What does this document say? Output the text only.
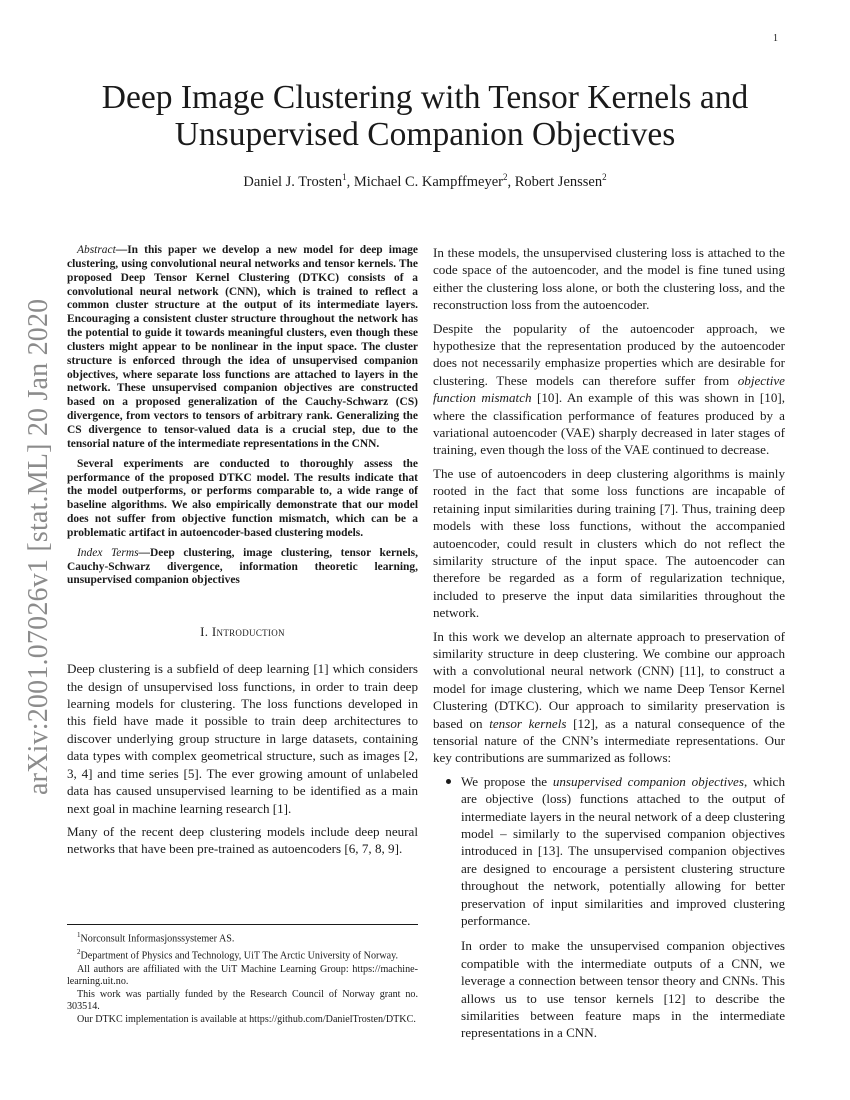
1
arXiv:2001.07026v1 [stat.ML] 20 Jan 2020
Deep Image Clustering with Tensor Kernels and
Unsupervised Companion Objectives
Daniel J. Trosten$^1$, Michael C. Kampffmeyer$^2$, Robert Jenssen$^2$

Abstract—In this paper we develop a new model for deep image clustering, using convolutional neural networks and tensor kernels. The proposed Deep Tensor Kernel Clustering (DTKC) consists of a convolutional neural network (CNN), which is trained to reflect a common cluster structure at the output of its intermediate layers. Encouraging a consistent cluster structure throughout the network has the potential to guide it towards meaningful clusters, even though these clusters might appear to be nonlinear in the input space. The cluster structure is enforced through the idea of unsupervised companion objectives, where separate loss functions are attached to layers in the network. These unsupervised companion objectives are constructed based on a proposed generalization of the Cauchy-Schwarz (CS) divergence, from vectors to tensors of arbitrary rank. Generalizing the CS divergence to tensor-valued data is a crucial step, due to the tensorial nature of the intermediate representations in the CNN.

Several experiments are conducted to thoroughly assess the performance of the proposed DTKC model. The results indicate that the model outperforms, or performs comparable to, a wide range of baseline algorithms. We also empirically demonstrate that our model does not suffer from objective function mismatch, which can be a problematic artifact in autoencoder-based clustering models.

Index Terms—Deep clustering, image clustering, tensor kernels, Cauchy-Schwarz divergence, information theoretic learning, unsupervised companion objectives

I. Introduction

Deep clustering is a subfield of deep learning [1] which considers the design of unsupervised loss functions, in order to train deep learning models for clustering. The loss functions developed in this field have made it possible to train deep architectures to discover underlying group structure in large datasets, containing data types with complex geometrical structure, such as images [2, 3, 4] and time series [5]. The ever growing amount of unlabeled data has caused unsupervised learning to be identified as a main next goal in machine learning research [1].

Many of the recent deep clustering models include deep neural networks that have been pre-trained as autoencoders [6, 7, 8, 9].

$^1$Norconsult Informasjonssystemer AS.

$^2$Department of Physics and Technology, UiT The Arctic University of Norway.

All authors are affiliated with the UiT Machine Learning Group: https://machine-learning.uit.no.

This work was partially funded by the Research Council of Norway grant no. 303514.

Our DTKC implementation is available at https://github.com/DanielTrosten/DTKC.

In these models, the unsupervised clustering loss is attached to the code space of the autoencoder, and the model is fine tuned using either the clustering loss alone, or both the clustering loss, and the reconstruction loss from the autoencoder.

Despite the popularity of the autoencoder approach, we hypothesize that the representation produced by the autoencoder does not necessarily emphasize properties which are desirable for clustering. These models can therefore suffer from objective function mismatch [10]. An example of this was shown in [10], where the classification performance of features produced by a variational autoencoder (VAE) sharply decreased in later stages of training, even though the loss of the VAE continued to decrease.

The use of autoencoders in deep clustering algorithms is mainly rooted in the fact that some loss functions are incapable of retaining input similarities during training [7]. Thus, training deep models with these loss functions, without the accompanied autoencoder, could result in clusters which do not reflect the similarity structure of the input space. The autoencoder can therefore be regarded as a form of regularization technique, included to preserve the input data similarities throughout the network.

In this work we develop an alternate approach to preservation of similarity structure in deep clustering. We combine our approach with a convolutional neural network (CNN) [11], to construct a model for image clustering, which we name Deep Tensor Kernel Clustering (DTKC). Our approach to similarity preservation is based on tensor kernels [12], as a natural consequence of the tensorial nature of the CNN’s intermediate representations. Our key contributions are summarized as follows:

We propose the unsupervised companion objectives, which are objective (loss) functions attached to the output of intermediate layers in the neural network of a deep clustering model – similarly to the supervised companion objectives introduced in [13]. The unsupervised companion objectives are designed to encourage a persistent clustering structure throughout the network, potentially allowing for better preservation of input similarities and improved clustering performance.

In order to make the unsupervised companion objectives compatible with the intermediate outputs of a CNN, we leverage a connection between tensor theory and CNNs. This allows us to use tensor kernels [12] to describe the similarities between feature maps in the intermediate representations in a CNN.
